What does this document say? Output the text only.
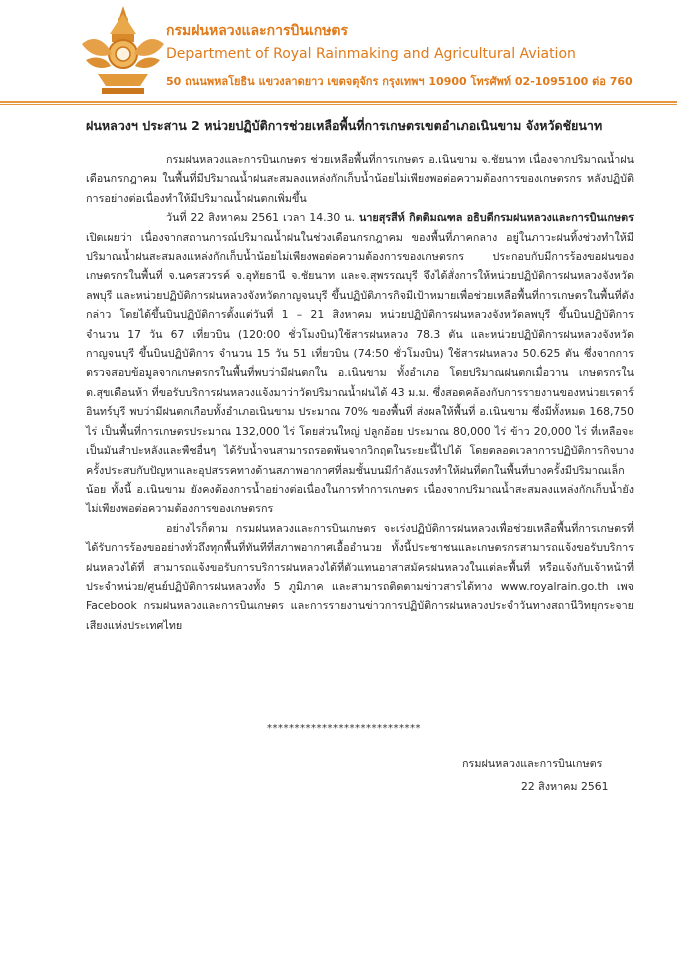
กรมฝนหลวงและการบินเกษตร
Department of Royal Rainmaking and Agricultural Aviation
50 ถนนพหลโยธิน แขวงลาดยาว เขตจตุจักร กรุงเทพฯ 10900 โทรศัพท์ 02-1095100 ต่อ 760
ฝนหลวงฯ ประสาน 2 หน่วยปฏิบัติการช่วยเหลือพื้นที่การเกษตรเขตอำเภอเนินขาม จังหวัดชัยนาท

กรมฝนหลวงและการบินเกษตร ช่วยเหลือพื้นที่การเกษตร อ.เนินขาม จ.ชัยนาท เนื่องจากปริมาณน้ำฝนเดือนกรกฎาคม ในพื้นที่มีปริมาณน้ำฝนสะสมลงแหล่งกักเก็บน้ำน้อยไม่เพียงพอต่อความต้องการของเกษตรกร หลังปฏิบัติการอย่างต่อเนื่องทำให้มีปริมาณน้ำฝนตกเพิ่มขึ้น

วันที่ 22 สิงหาคม 2561 เวลา 14.30 น. นายสุรสีห์ กิตติมณฑล อธิบดีกรมฝนหลวงและการบินเกษตร เปิดเผยว่า เนื่องจากสถานการณ์ปริมาณน้ำฝนในช่วงเดือนกรกฎาคม ของพื้นที่ภาคกลาง อยู่ในภาวะฝนทิ้งช่วงทำให้มีปริมาณน้ำฝนสะสมลงแหล่งกักเก็บน้ำน้อยไม่เพียงพอต่อความต้องการของเกษตรกร ประกอบกับมีการร้องขอฝนของเกษตรกรในพื้นที่ จ.นครสวรรค์ จ.อุทัยธานี จ.ชัยนาท และจ.สุพรรณบุรี จึงได้สั่งการให้หน่วยปฏิบัติการฝนหลวงจังหวัดลพบุรี และหน่วยปฏิบัติการฝนหลวงจังหวัดกาญจนบุรี ขึ้นปฏิบัติภารกิจมีเป้าหมายเพื่อช่วยเหลือพื้นที่การเกษตรในพื้นที่ดังกล่าว โดยได้ขึ้นบินปฏิบัติการตั้งแต่วันที่ 1 – 21 สิงหาคม หน่วยปฏิบัติการฝนหลวงจังหวัดลพบุรี ขึ้นบินปฏิบัติการ จำนวน 17 วัน 67 เที่ยวบิน (120:00 ชั่วโมงบิน)ใช้สารฝนหลวง 78.3 ตัน และหน่วยปฏิบัติการฝนหลวงจังหวัดกาญจนบุรี ขึ้นบินปฏิบัติการ จำนวน 15 วัน 51 เที่ยวบิน (74:50 ชั่วโมงบิน) ใช้สารฝนหลวง 50.625 ตัน ซึ่งจากการตรวจสอบข้อมูลจากเกษตรกรในพื้นที่พบว่ามีฝนตกใน อ.เนินขาม ทั้งอำเภอ โดยปริมาณฝนตกเมื่อวาน เกษตรกรใน ต.สุขเดือนห้า ที่ขอรับบริการฝนหลวงแจ้งมาว่าวัดปริมาณน้ำฝนได้ 43 ม.ม. ซึ่งสอดคล้องกับการรายงานของหน่วยเรดาร์อินทร์บุรี พบว่ามีฝนตกเกือบทั้งอำเภอเนินขาม ประมาณ 70% ของพื้นที่ ส่งผลให้พื้นที่ อ.เนินขาม ซึ่งมีทั้งหมด 168,750 ไร่ เป็นพื้นที่การเกษตรประมาณ 132,000 ไร่ โดยส่วนใหญ่ ปลูกอ้อย ประมาณ 80,000 ไร่ ข้าว 20,000 ไร่ ที่เหลือจะเป็นมันสำปะหลังและพืชอื่นๆ ได้รับน้ำจนสามารถรอดพ้นจากวิกฤตในระยะนี้ไปได้ โดยตลอดเวลาการปฏิบัติการกิจบางครั้งประสบกับปัญหาและอุปสรรคทางด้านสภาพอากาศที่ลมชั้นบนมีกำลังแรงทำให้ฝนที่ตกในพื้นที่บางครั้งมีปริมาณเล็กน้อย ทั้งนี้ อ.เนินขาม ยังคงต้องการน้ำอย่างต่อเนื่องในการทำการเกษตร เนื่องจากปริมาณน้ำสะสมลงแหล่งกักเก็บน้ำยังไม่เพียงพอต่อความต้องการของเกษตรกร

อย่างไรก็ตาม กรมฝนหลวงและการบินเกษตร จะเร่งปฏิบัติการฝนหลวงเพื่อช่วยเหลือพื้นที่การเกษตรที่ได้รับการร้องขออย่างทั่วถึงทุกพื้นที่ทันทีที่สภาพอากาศเอื้ออำนวย ทั้งนี้ประชาชนและเกษตรกรสามารถแจ้งขอรับบริการฝนหลวงได้ที่ สามารถแจ้งขอรับการบริการฝนหลวงได้ที่ตัวแทนอาสาสมัครฝนหลวงในแต่ละพื้นที่ หรือแจ้งกับเจ้าหน้าที่ประจำหน่วย/ศูนย์ปฏิบัติการฝนหลวงทั้ง 5 ภูมิภาค และสามารถติดตามข่าวสารได้ทาง www.royalrain.go.th เพจ Facebook กรมฝนหลวงและการบินเกษตร และการรายงานข่าวการปฏิบัติการฝนหลวงประจำวันทางสถานีวิทยุกระจายเสียงแห่งประเทศไทย

****************************
กรมฝนหลวงและการบินเกษตร
22 สิงหาคม 2561
